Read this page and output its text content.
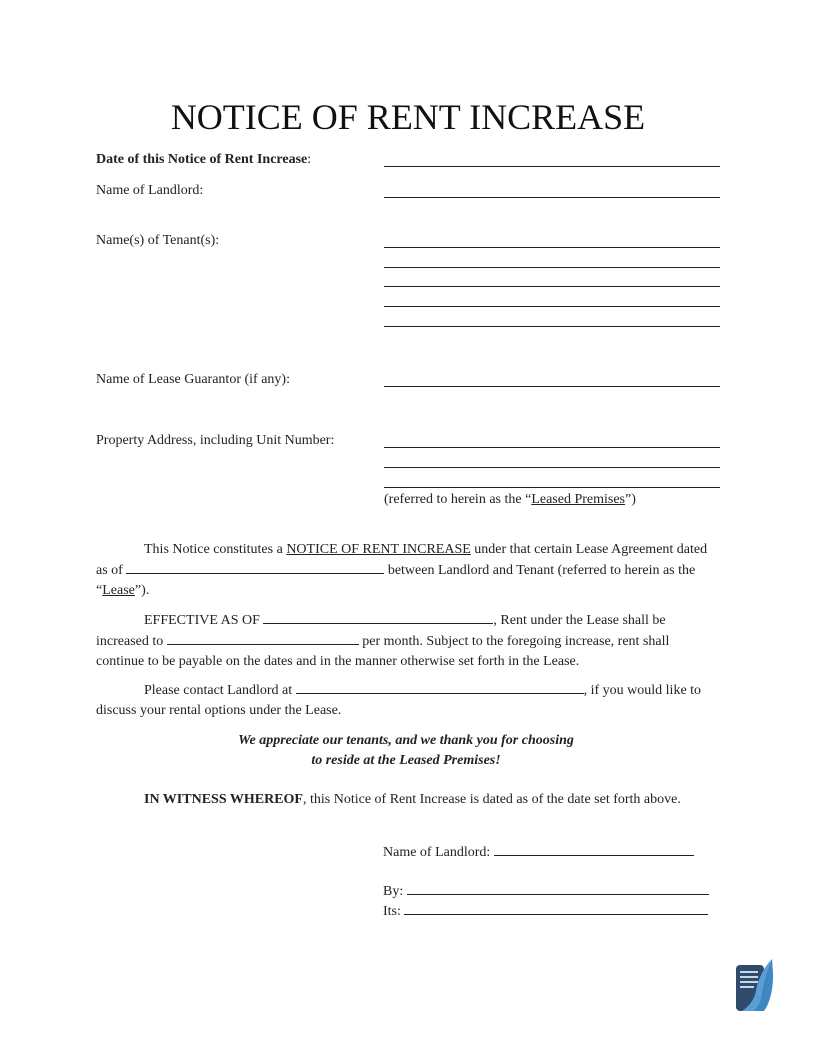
NOTICE OF RENT INCREASE
Date of this Notice of Rent Increase:
Name of Landlord:
Name(s) of Tenant(s):
Name of Lease Guarantor (if any):
Property Address, including Unit Number:
(referred to herein as the “Leased Premises”)
This Notice constitutes a NOTICE OF RENT INCREASE under that certain Lease Agreement dated as of	between Landlord and Tenant (referred to herein as the “Lease”).
EFFECTIVE AS OF	, Rent under the Lease shall be increased to	per month. Subject to the foregoing increase, rent shall continue to be payable on the dates and in the manner otherwise set forth in the Lease.
Please contact Landlord at	, if you would like to discuss your rental options under the Lease.
We appreciate our tenants, and we thank you for choosing
to reside at the Leased Premises!
IN WITNESS WHEREOF, this Notice of Rent Increase is dated as of the date set forth above.
Name of Landlord:
By:
Its:
